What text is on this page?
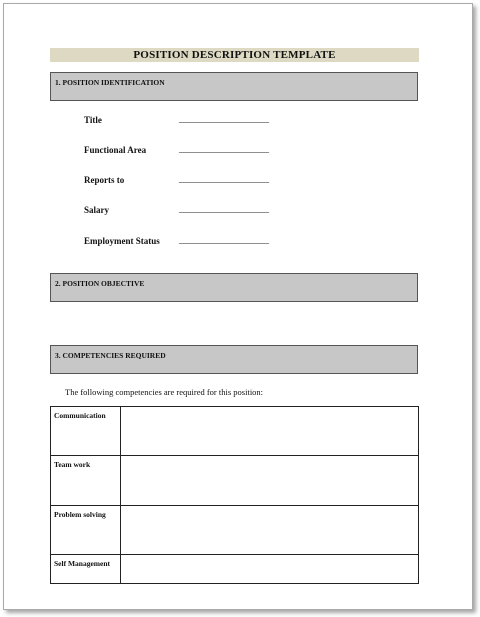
POSITION DESCRIPTION TEMPLATE
1. POSITION IDENTIFICATION
Title	____________________
Functional Area	____________________
Reports to	____________________
Salary	____________________
Employment Status ____________________
2. POSITION OBJECTIVE
3. COMPETENCIES REQUIRED
The following competencies are required for this position:
Communication	
Team work	
Problem solving	
Self Management	
